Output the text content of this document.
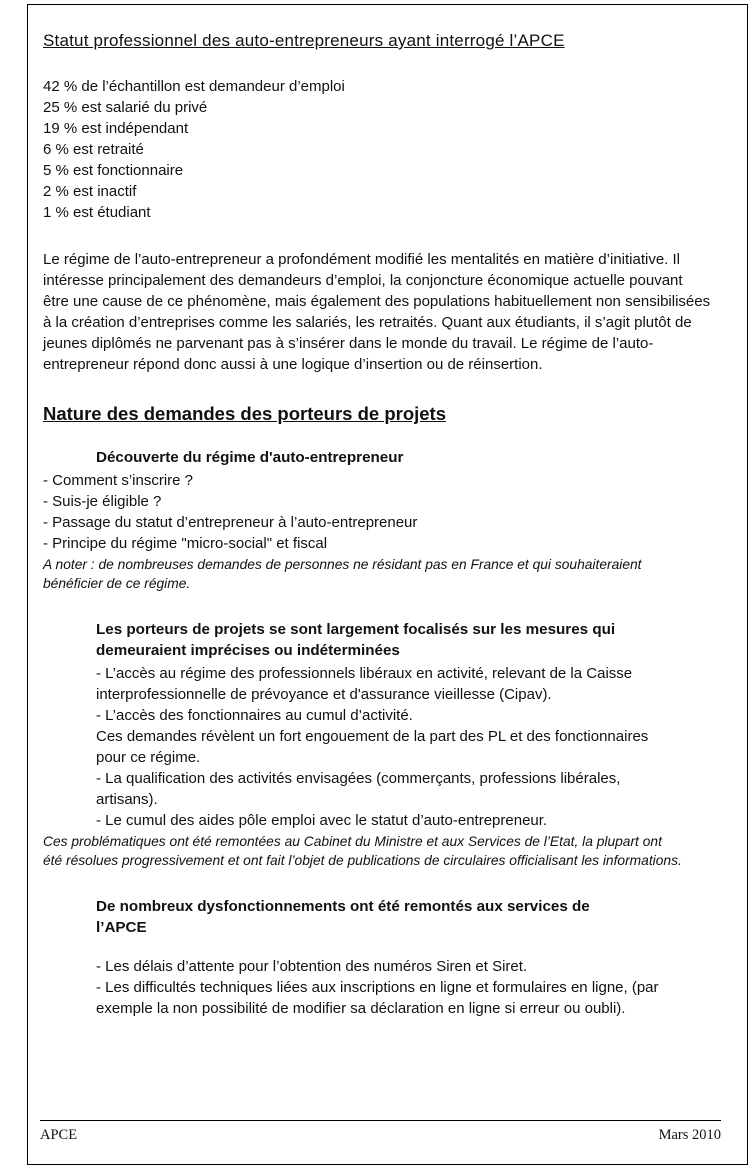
Statut professionnel des auto-entrepreneurs ayant interrogé l’APCE
42 % de l’échantillon est demandeur d’emploi
25 % est salarié du privé
19 % est indépendant
6 % est retraité
5 % est fonctionnaire
2 % est inactif
1 % est étudiant

Le régime de l’auto-entrepreneur a profondément modifié les mentalités en matière d’initiative. Il intéresse principalement des demandeurs d’emploi, la conjoncture économique actuelle pouvant être une cause de ce phénomène, mais également des populations habituellement non sensibilisées à la création d’entreprises comme les salariés, les retraités. Quant aux étudiants, il s’agit plutôt de jeunes diplômés ne parvenant pas à s’insérer dans le monde du travail. Le régime de l’auto-entrepreneur répond donc aussi à une logique d’insertion ou de réinsertion.

Nature des demandes des porteurs de projets
Découverte du régime d'auto-entrepreneur
- Comment s’inscrire ?
- Suis-je éligible ?
- Passage du statut d’entrepreneur à l’auto-entrepreneur
- Principe du régime "micro-social" et fiscal

A noter : de nombreuses demandes de personnes ne résidant pas en France et qui souhaiteraient bénéficier de ce régime.

Les porteurs de projets se sont largement focalisés sur les mesures qui demeuraient imprécises ou indéterminées
- L’accès au régime des professionnels libéraux en activité, relevant de la Caisse interprofessionnelle de prévoyance et d'assurance vieillesse (Cipav).
- L’accès des fonctionnaires au cumul d’activité.
Ces demandes révèlent un fort engouement de la part des PL et des fonctionnaires pour ce régime.
- La qualification des activités envisagées (commerçants, professions libérales, artisans).
- Le cumul des aides pôle emploi avec le statut d’auto-entrepreneur.

Ces problématiques ont été remontées au Cabinet du Ministre et aux Services de l’Etat, la plupart ont été résolues progressivement et ont fait l’objet de publications de circulaires officialisant les informations.

De nombreux dysfonctionnements ont été remontés aux services de l’APCE
- Les délais d’attente pour l’obtention des numéros Siren et Siret.
- Les difficultés techniques liées aux inscriptions en ligne et formulaires en ligne, (par exemple la non possibilité de modifier sa déclaration en ligne si erreur ou oubli).
APCE	Mars 2010
